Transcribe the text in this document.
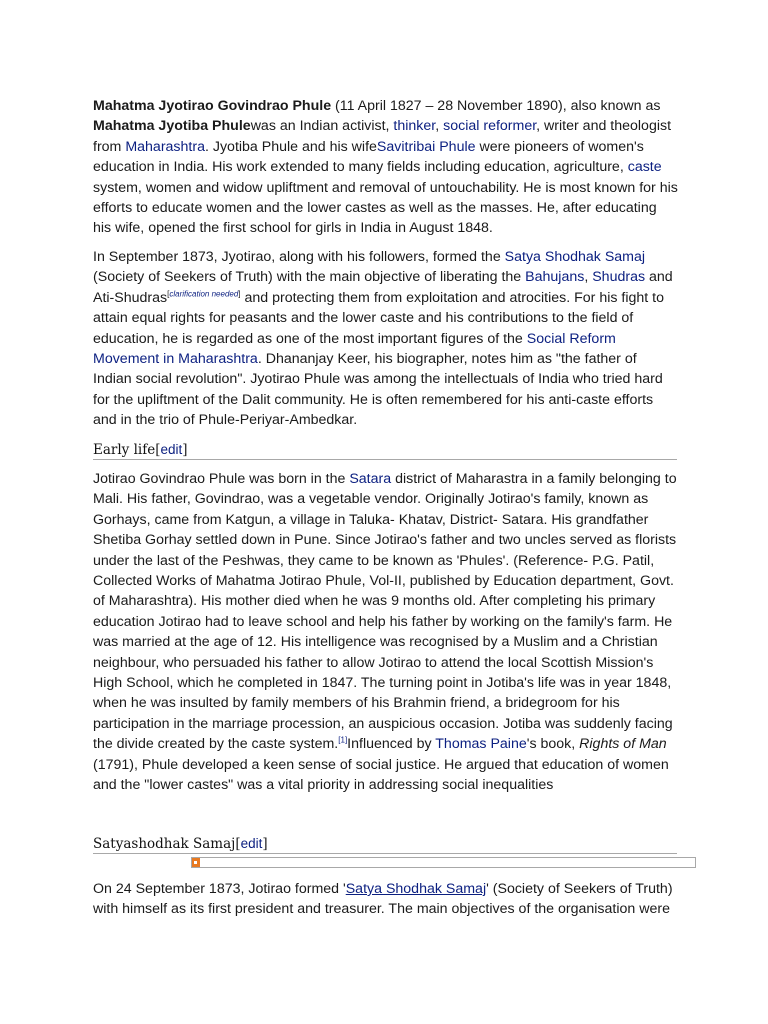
Mahatma Jyotirao Govindrao Phule (11 April 1827 – 28 November 1890), also known as Mahatma Jyotiba Phulewas an Indian activist, thinker, social reformer, writer and theologist from Maharashtra. Jyotiba Phule and his wifeSavitribai Phule were pioneers of women's education in India. His work extended to many fields including education, agriculture, caste system, women and widow upliftment and removal of untouchability. He is most known for his efforts to educate women and the lower castes as well as the masses. He, after educating his wife, opened the first school for girls in India in August 1848.

In September 1873, Jyotirao, along with his followers, formed the Satya Shodhak Samaj (Society of Seekers of Truth) with the main objective of liberating the Bahujans, Shudras and Ati-Shudras[clarification needed] and protecting them from exploitation and atrocities. For his fight to attain equal rights for peasants and the lower caste and his contributions to the field of education, he is regarded as one of the most important figures of the Social Reform Movement in Maharashtra. Dhananjay Keer, his biographer, notes him as "the father of Indian social revolution". Jyotirao Phule was among the intellectuals of India who tried hard for the upliftment of the Dalit community. He is often remembered for his anti-caste efforts and in the trio of Phule-Periyar-Ambedkar.

Early life[edit]

Jotirao Govindrao Phule was born in the Satara district of Maharastra in a family belonging to Mali. His father, Govindrao, was a vegetable vendor. Originally Jotirao's family, known as Gorhays, came from Katgun, a village in Taluka- Khatav, District- Satara. His grandfather Shetiba Gorhay settled down in Pune. Since Jotirao's father and two uncles served as florists under the last of the Peshwas, they came to be known as 'Phules'. (Reference- P.G. Patil, Collected Works of Mahatma Jotirao Phule, Vol-II, published by Education department, Govt. of Maharashtra). His mother died when he was 9 months old. After completing his primary education Jotirao had to leave school and help his father by working on the family's farm. He was married at the age of 12. His intelligence was recognised by a Muslim and a Christian neighbour, who persuaded his father to allow Jotirao to attend the local Scottish Mission's High School, which he completed in 1847. The turning point in Jotiba's life was in year 1848, when he was insulted by family members of his Brahmin friend, a bridegroom for his participation in the marriage procession, an auspicious occasion. Jotiba was suddenly facing the divide created by the caste system.[1]Influenced by Thomas Paine's book, Rights of Man (1791), Phule developed a keen sense of social justice. He argued that education of women and the "lower castes" was a vital priority in addressing social inequalities

Satyashodhak Samaj[edit]

On 24 September 1873, Jotirao formed 'Satya Shodhak Samaj' (Society of Seekers of Truth) with himself as its first president and treasurer. The main objectives of the organisation were
